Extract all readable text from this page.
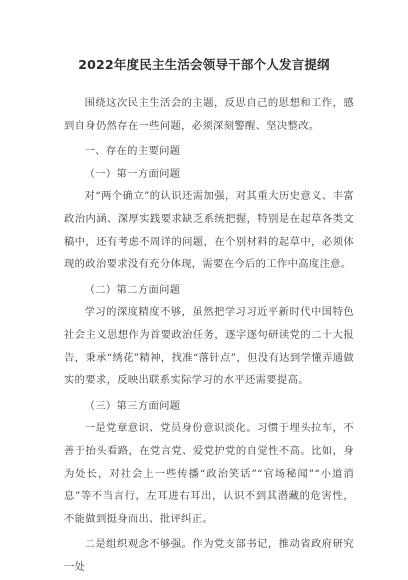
2022年度民主生活会领导干部个人发言提纲

围绕这次民主生活会的主题，反思自己的思想和工作，感到自身仍然存在一些问题，必须深刻警醒、坚决整改。

一、存在的主要问题

（一）第一方面问题

对“两个确立”的认识还需加强，对其重大历史意义、丰富政治内涵、深厚实践要求缺乏系统把握，特别是在起草各类文稿中，还有考虑不周详的问题，在个别材料的起草中，必须体现的政治要求没有充分体现，需要在今后的工作中高度注意。

（二）第二方面问题

学习的深度精度不够，虽然把学习习近平新时代中国特色社会主义思想作为首要政治任务，逐字逐句研读党的二十大报告，秉承“绣花”精神，找准“落针点”，但没有达到学懂弄通做实的要求，反映出联系实际学习的水平还需要提高。

（三）第三方面问题

一是党章意识、党员身份意识淡化。习惯于埋头拉车，不善于抬头看路，在党言党、爱党护党的自觉性不高。比如，身为处长，对社会上一些传播“政治笑话”“官场秘闻”“小道消息”等不当言行，左耳进右耳出，认识不到其潜藏的危害性，不能做到挺身而出、批评纠正。

二是组织观念不够强。作为党支部书记，推动省政府研究一处
